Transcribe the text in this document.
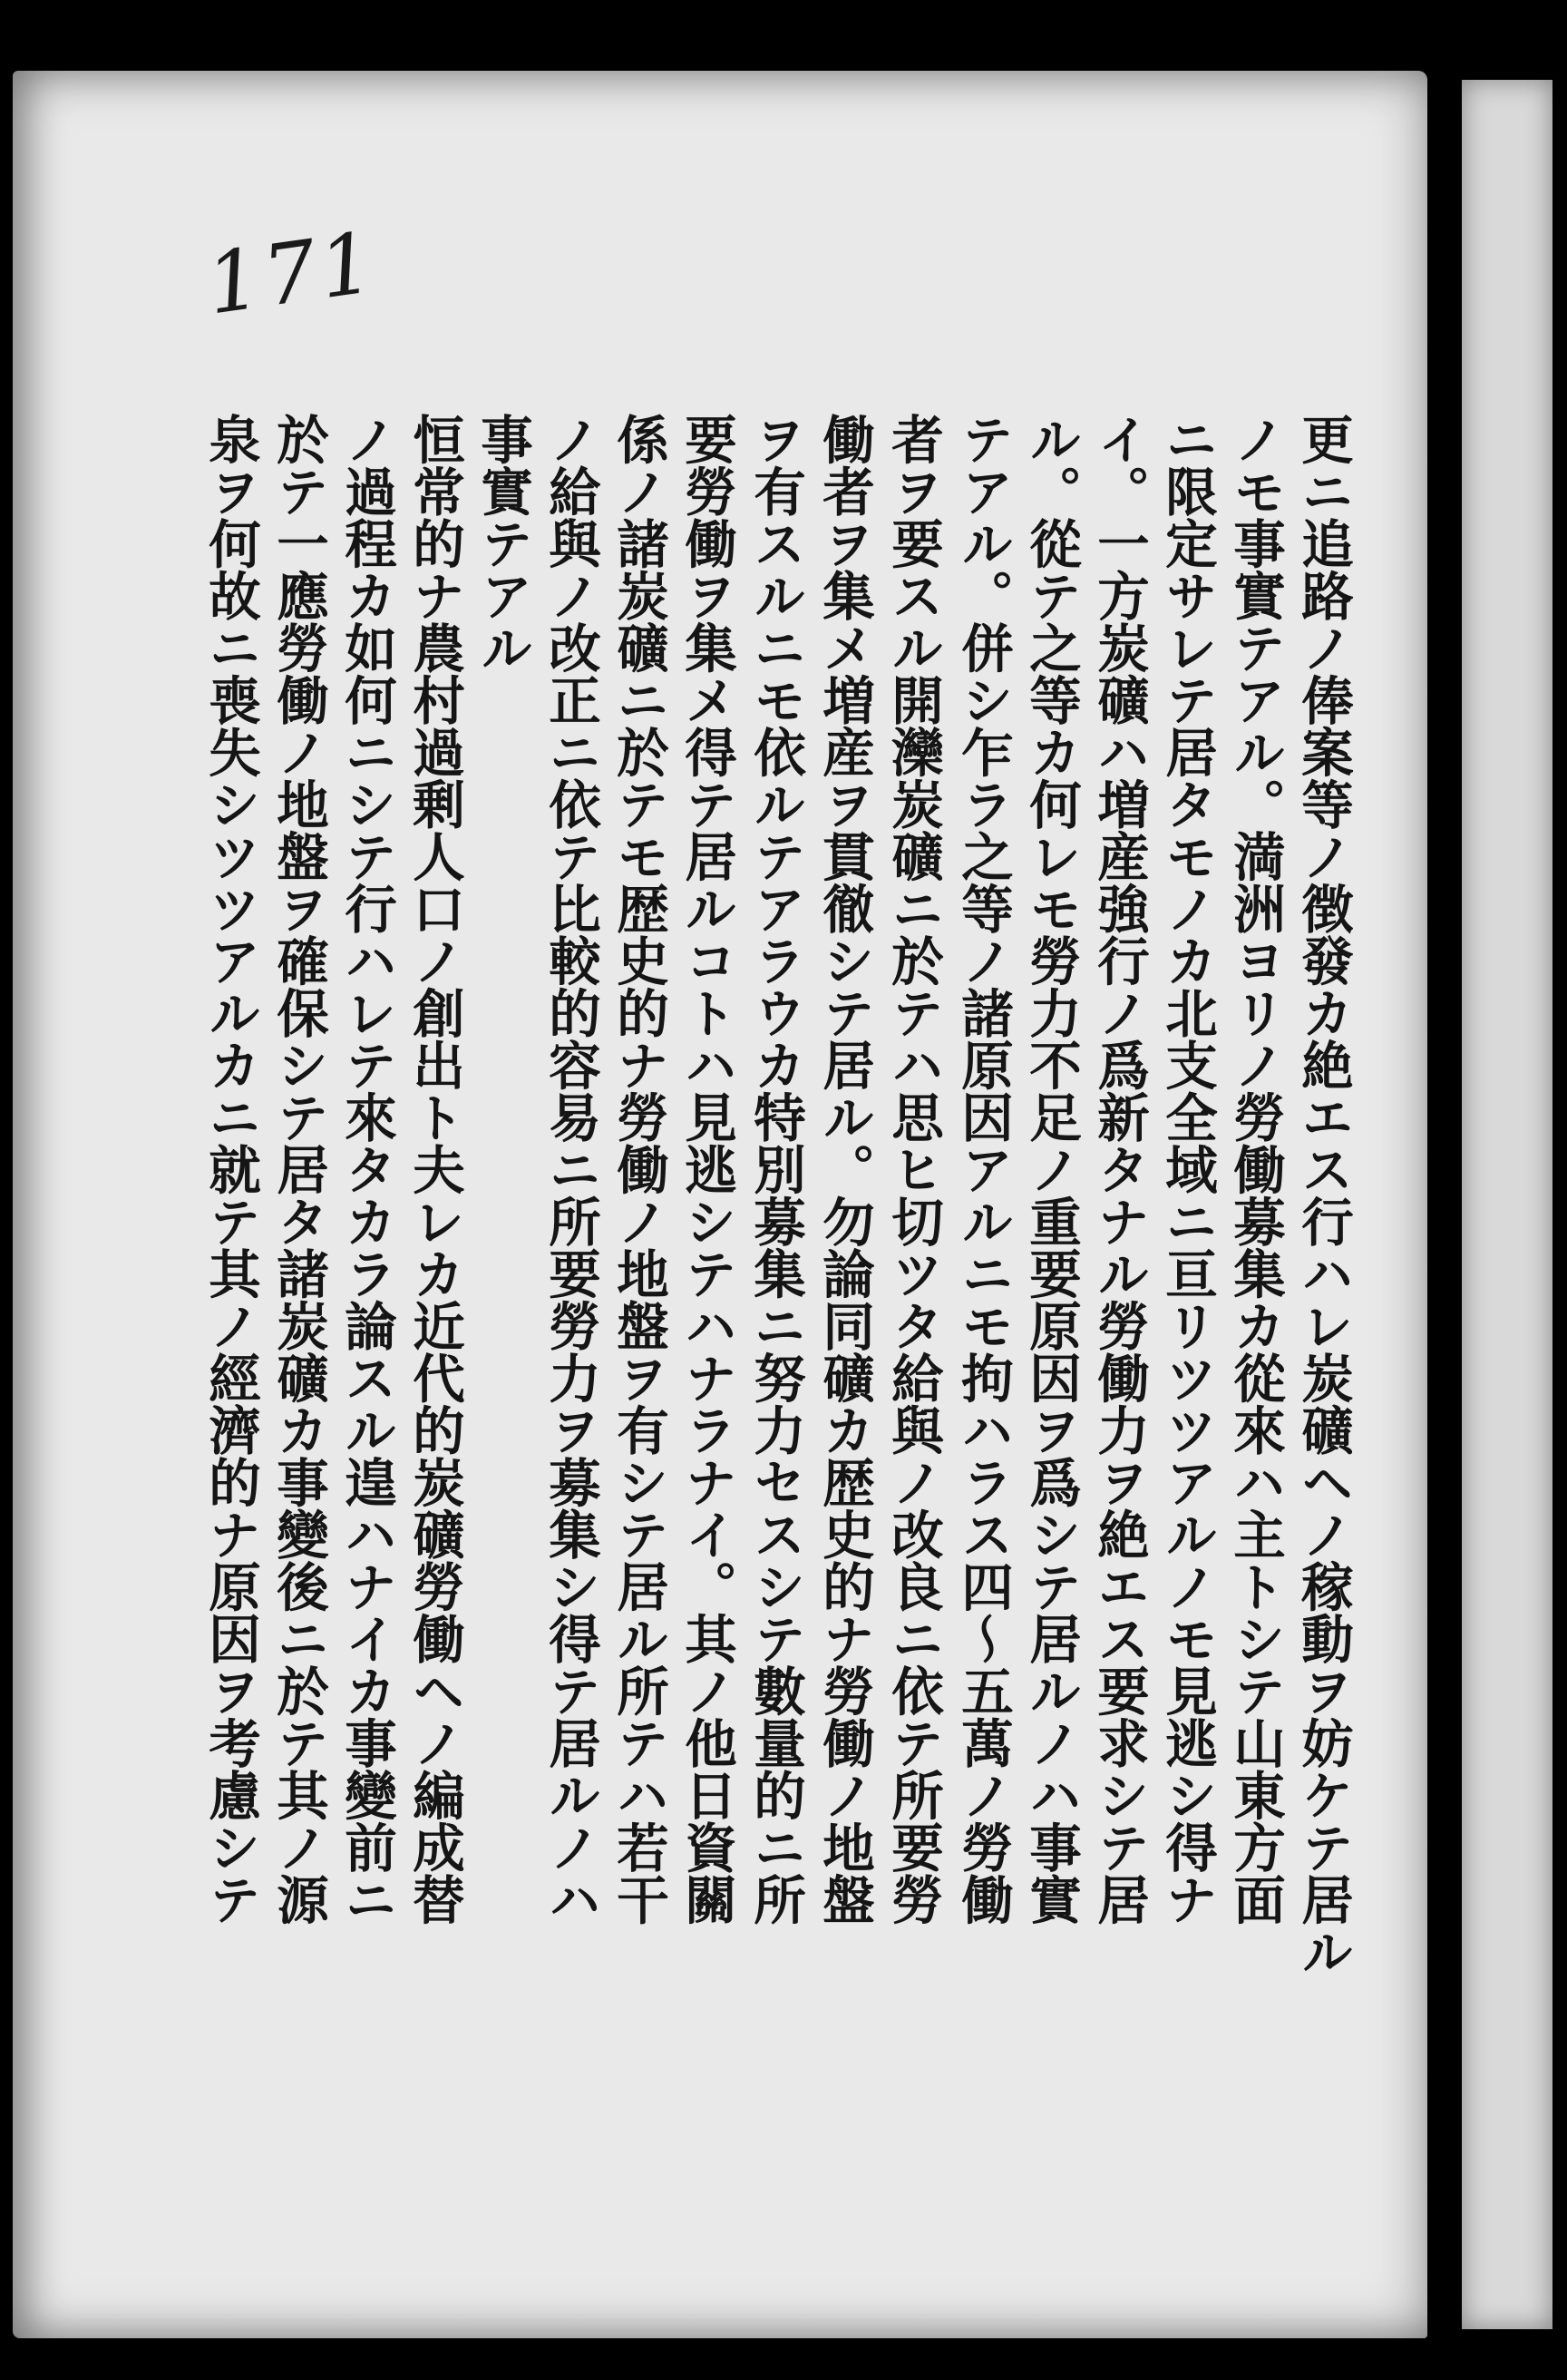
171
更ニ追路ノ俸案等ノ徴發カ絶エス行ハレ炭礦ヘノ稼動ヲ妨ケテ居ル
ノモ事實テアル。満洲ヨリノ勞働募集カ從來ハ主トシテ山東方面
ニ限定サレテ居タモノカ北支全域ニ亘リツツアルノモ見逃シ得ナ
イ。一方炭礦ハ増産強行ノ爲新タナル勞働力ヲ絶エス要求シテ居
ル。從テ之等カ何レモ勞力不足ノ重要原因ヲ爲シテ居ルノハ事實
テアル。併シ乍ラ之等ノ諸原因アルニモ拘ハラス四〜五萬ノ勞働
者ヲ要スル開灤炭礦ニ於テハ思ヒ切ツタ給與ノ改良ニ依テ所要勞
働者ヲ集メ増産ヲ貫徹シテ居ル。勿論同礦カ歴史的ナ勞働ノ地盤
ヲ有スルニモ依ルテアラウカ特別募集ニ努力セスシテ數量的ニ所
要勞働ヲ集メ得テ居ルコトハ見逃シテハナラナイ。其ノ他日資關
係ノ諸炭礦ニ於テモ歴史的ナ勞働ノ地盤ヲ有シテ居ル所テハ若干
ノ給與ノ改正ニ依テ比較的容易ニ所要勞力ヲ募集シ得テ居ルノハ
事實テアル
恒常的ナ農村過剰人口ノ創出ト夫レカ近代的炭礦勞働ヘノ編成替
ノ過程カ如何ニシテ行ハレテ來タカラ論スル遑ハナイカ事變前ニ
於テ一應勞働ノ地盤ヲ確保シテ居タ諸炭礦カ事變後ニ於テ其ノ源
泉ヲ何故ニ喪失シツツアルカニ就テ其ノ經濟的ナ原因ヲ考慮シテ
